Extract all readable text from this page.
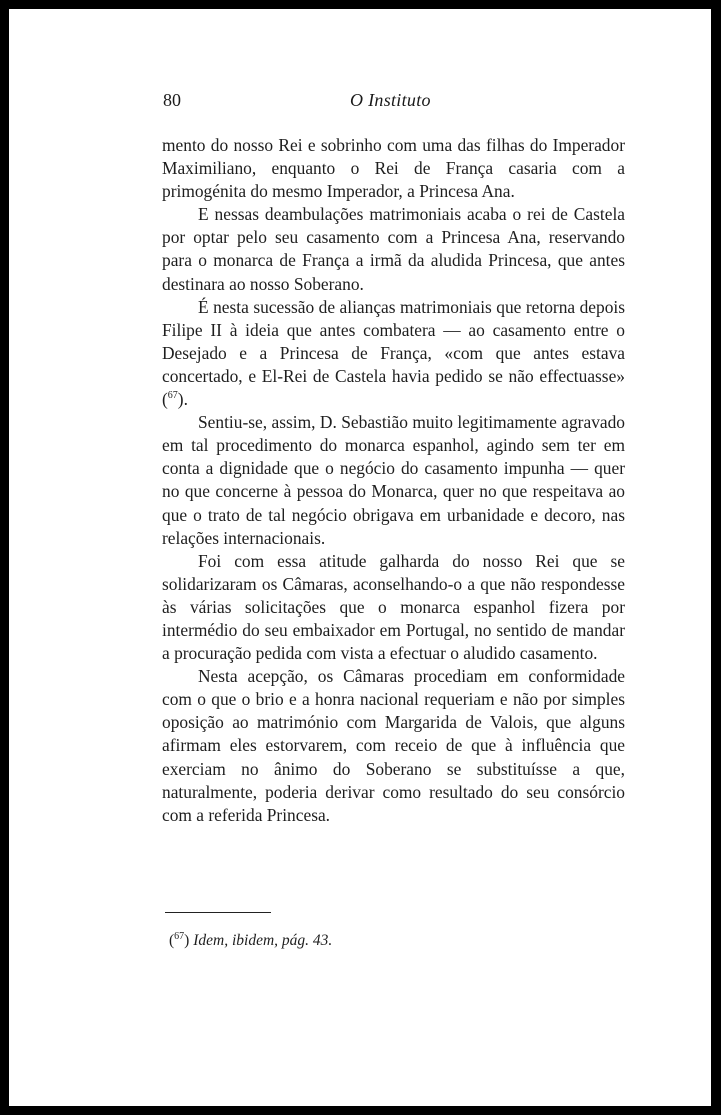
80	O Instituto

mento do nosso Rei e sobrinho com uma das filhas do Imperador Maximiliano, enquanto o Rei de França casaria com a primogénita do mesmo Imperador, a Princesa Ana.

E nessas deambulações matrimoniais acaba o rei de Castela por optar pelo seu casamento com a Princesa Ana, reservando para o monarca de França a irmã da aludida Princesa, que antes destinara ao nosso Soberano.

É nesta sucessão de alianças matrimoniais que retorna depois Filipe II à ideia que antes combatera — ao casamento entre o Desejado e a Princesa de França, «com que antes estava concertado, e El-Rei de Castela havia pedido se não effectuasse» ($^{67}$).

Sentiu-se, assim, D. Sebastião muito legitimamente agravado em tal procedimento do monarca espanhol, agindo sem ter em conta a dignidade que o negócio do casamento impunha — quer no que concerne à pessoa do Monarca, quer no que respeitava ao que o trato de tal negócio obrigava em urbanidade e decoro, nas relações internacionais.

Foi com essa atitude galharda do nosso Rei que se solidarizaram os Câmaras, aconselhando-o a que não respondesse às várias solicitações que o monarca espanhol fizera por intermédio do seu embaixador em Portugal, no sentido de mandar a procuração pedida com vista a efectuar o aludido casamento.

Nesta acepção, os Câmaras procediam em conformidade com o que o brio e a honra nacional requeriam e não por simples oposição ao matrimónio com Margarida de Valois, que alguns afirmam eles estorvarem, com receio de que à influência que exerciam no ânimo do Soberano se substituísse a que, naturalmente, poderia derivar como resultado do seu consórcio com a referida Princesa.

($^{67}$) Idem, ibidem, pág. 43.
